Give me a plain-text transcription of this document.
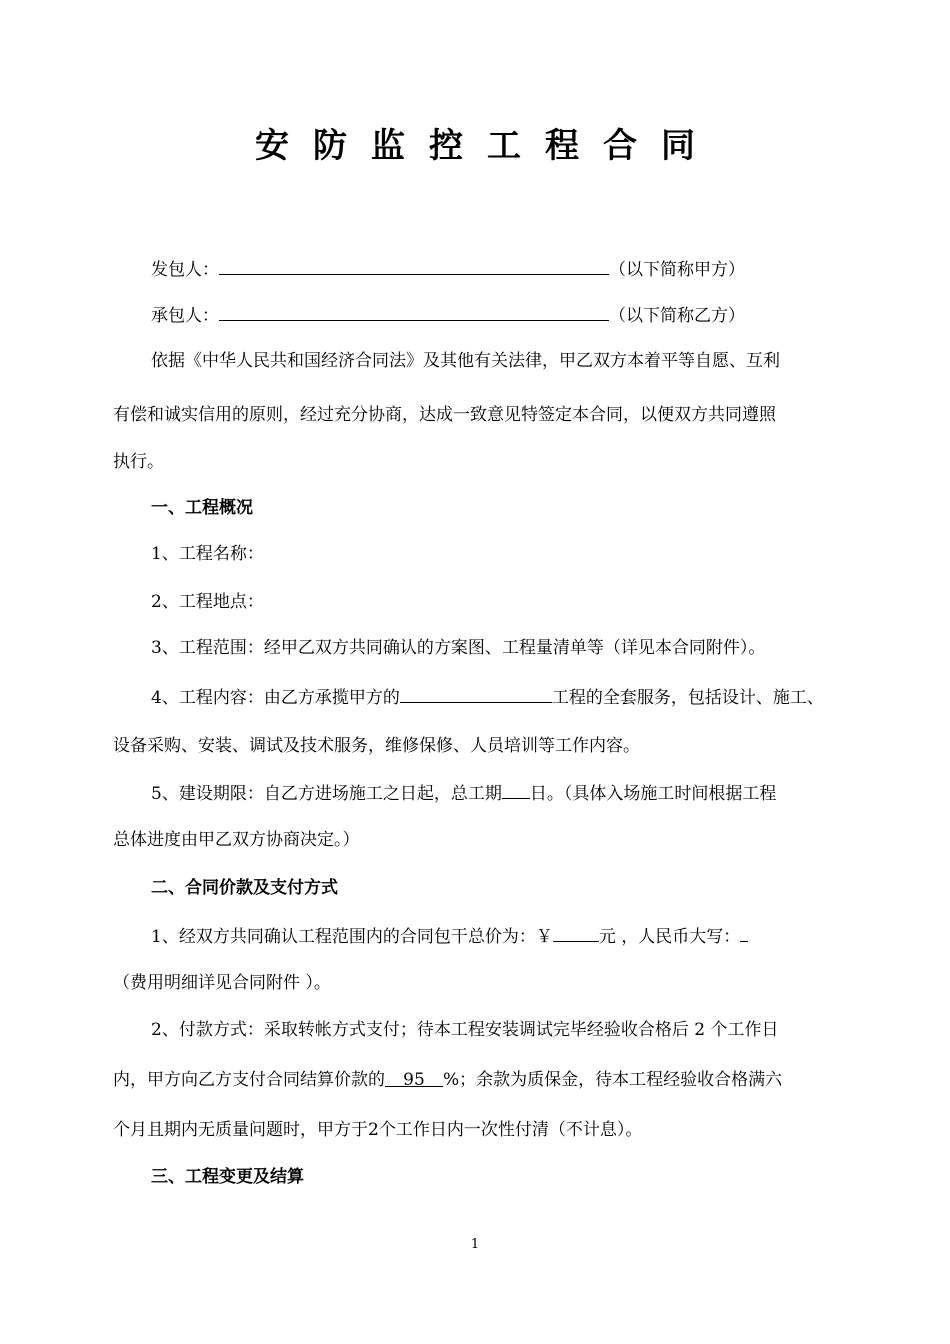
安防监控工程合同
发包人：	（以下简称甲方）
承包人：	（以下简称乙方）
依据《中华人民共和国经济合同法》及其他有关法律，甲乙双方本着平等自愿、互利
有偿和诚实信用的原则，经过充分协商，达成一致意见特签定本合同，以便双方共同遵照
执行。
一、工程概况
1、工程名称：
2、工程地点：
3、工程范围：经甲乙双方共同确认的方案图、工程量清单等（详见本合同附件）。
4、工程内容：由乙方承揽甲方的	工程的全套服务，包括设计、施工、
设备采购、安装、调试及技术服务，维修保修、人员培训等工作内容。
5、建设期限：自乙方进场施工之日起，总工期 日。（具体入场施工时间根据工程
总体进度由甲乙双方协商决定。）
二、合同价款及支付方式
1、经双方共同确认工程范围内的合同包干总价为：￥	元 ，人民币大写：
（费用明细详见合同附件 ）。
2、付款方式：采取转帐方式支付；待本工程安装调试完毕经验收合格后 2 个工作日
内，甲方向乙方支付合同结算价款的 95 %；余款为质保金，待本工程经验收合格满六
个月且期内无质量问题时，甲方于2个工作日内一次性付清（不计息）。
三、工程变更及结算
1
